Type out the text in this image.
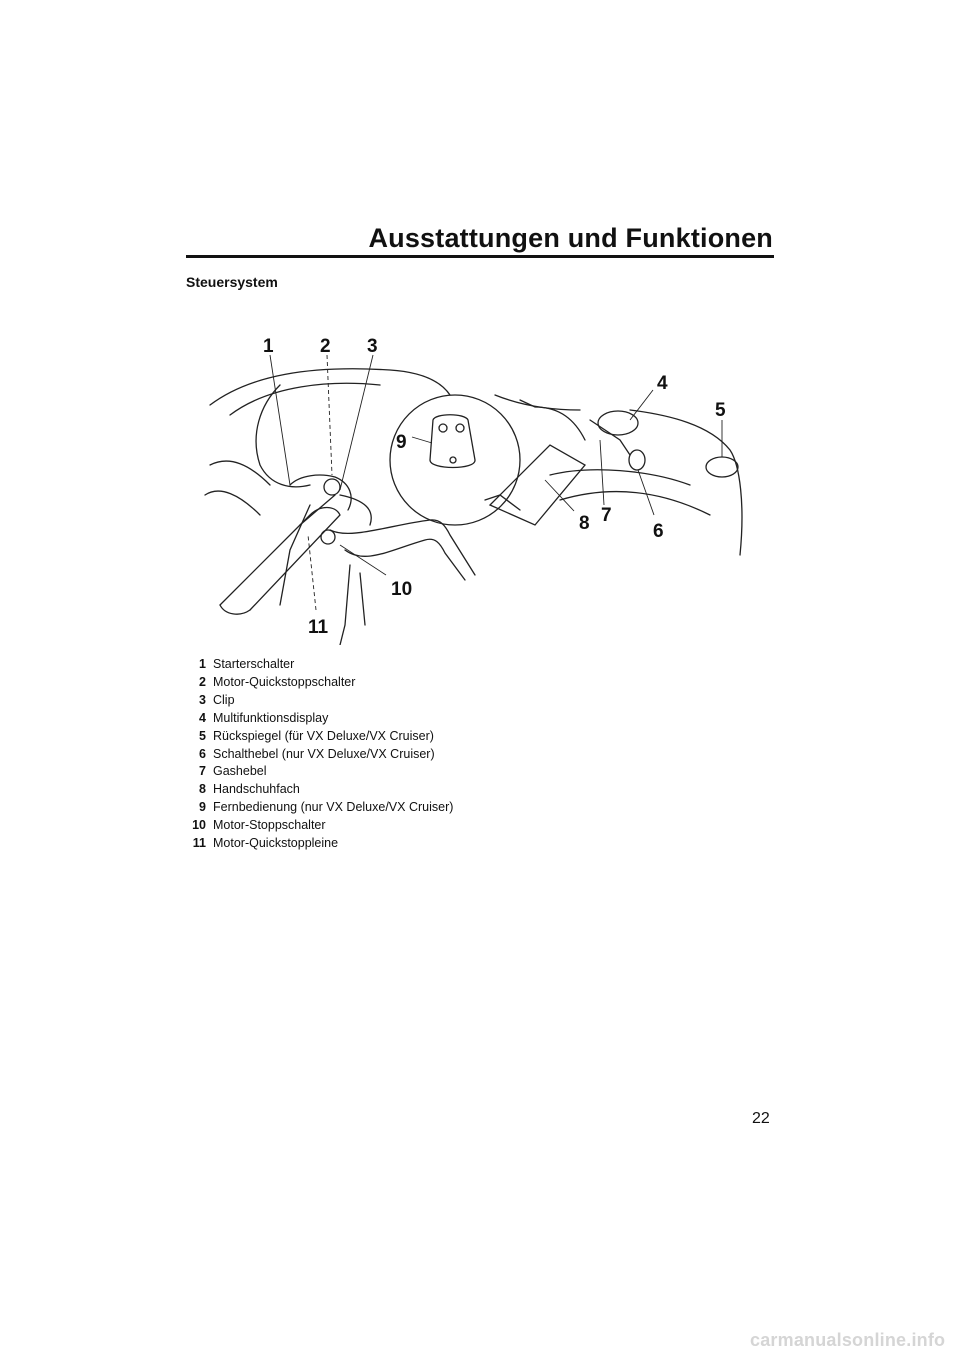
Ausstattungen und Funktionen
Steuersystem
1 2 3
4
5
6
7
8
9
10
11
1 Starterschalter
2 Motor-Quickstoppschalter
3 Clip
4 Multifunktionsdisplay
5 Rückspiegel (für VX Deluxe/VX Cruiser)
6 Schalthebel (nur VX Deluxe/VX Cruiser)
7 Gashebel
8 Handschuhfach
9 Fernbedienung (nur VX Deluxe/VX Cruiser)
10 Motor-Stoppschalter
11 Motor-Quickstoppleine
22
carmanualsonline.info
